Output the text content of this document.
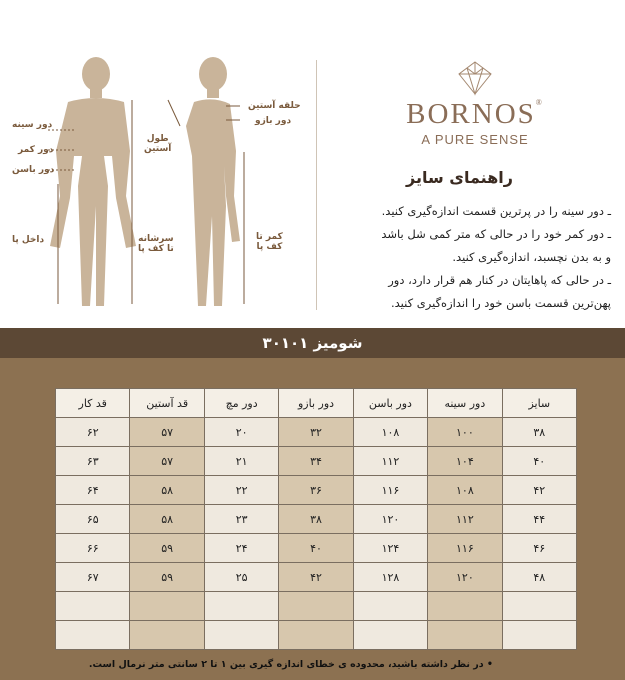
دور سینه
دور کمر
دور باسن
داخل پا	سرشانه
تا کف پا
طول
آستین
حلقه آستین
دور بازو
کمر تا
کف پا
BORNOS®
A PURE SENSE
راهنمای سایز
ـ دور سینه را در پرترین قسمت اندازه‌گیری کنید.
ـ دور کمر خود را در حالی که متر کمی شل باشد
و به بدن نچسبد، اندازه‌گیری کنید.
ـ در حالی که پاهایتان در کنار هم قرار دارد، دور
پهن‌ترین قسمت باسن خود را اندازه‌گیری کنید.
شومیز ۳۰۱۰۱
سایز	دور سینه	دور باسن	دور بازو	دور مچ	قد آستین	قد کار
۳۸	۱۰۰	۱۰۸	۳۲	۲۰	۵۷	۶۲
۴۰	۱۰۴	۱۱۲	۳۴	۲۱	۵۷	۶۳
۴۲	۱۰۸	۱۱۶	۳۶	۲۲	۵۸	۶۴
۴۴	۱۱۲	۱۲۰	۳۸	۲۳	۵۸	۶۵
۴۶	۱۱۶	۱۲۴	۴۰	۲۴	۵۹	۶۶
۴۸	۱۲۰	۱۲۸	۴۲	۲۵	۵۹	۶۷

• در نظر داشته باشید، محدوده ی خطای اندازه گیری بین ۱ تا ۲ سانتی متر نرمال است.
